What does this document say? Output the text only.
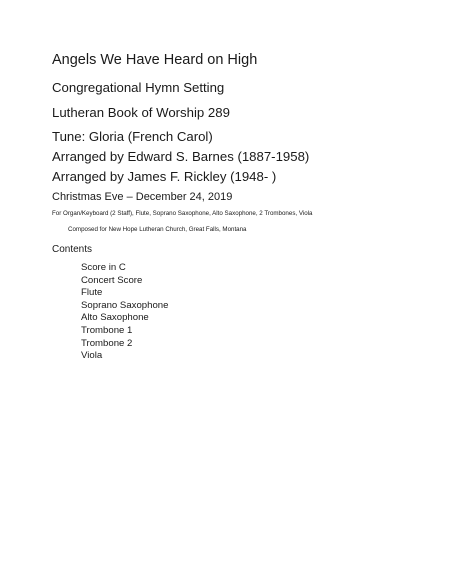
Angels We Have Heard on High
Congregational Hymn Setting
Lutheran Book of Worship 289
Tune: Gloria (French Carol)
Arranged by Edward S. Barnes (1887-1958)
Arranged by James F. Rickley (1948- )
Christmas Eve – December 24, 2019
For Organ/Keyboard (2 Staff), Flute, Soprano Saxophone, Alto Saxophone, 2 Trombones, Viola
Composed for New Hope Lutheran Church, Great Falls, Montana
Contents
Score in C
Concert Score
Flute
Soprano Saxophone
Alto Saxophone
Trombone 1
Trombone 2
Viola
